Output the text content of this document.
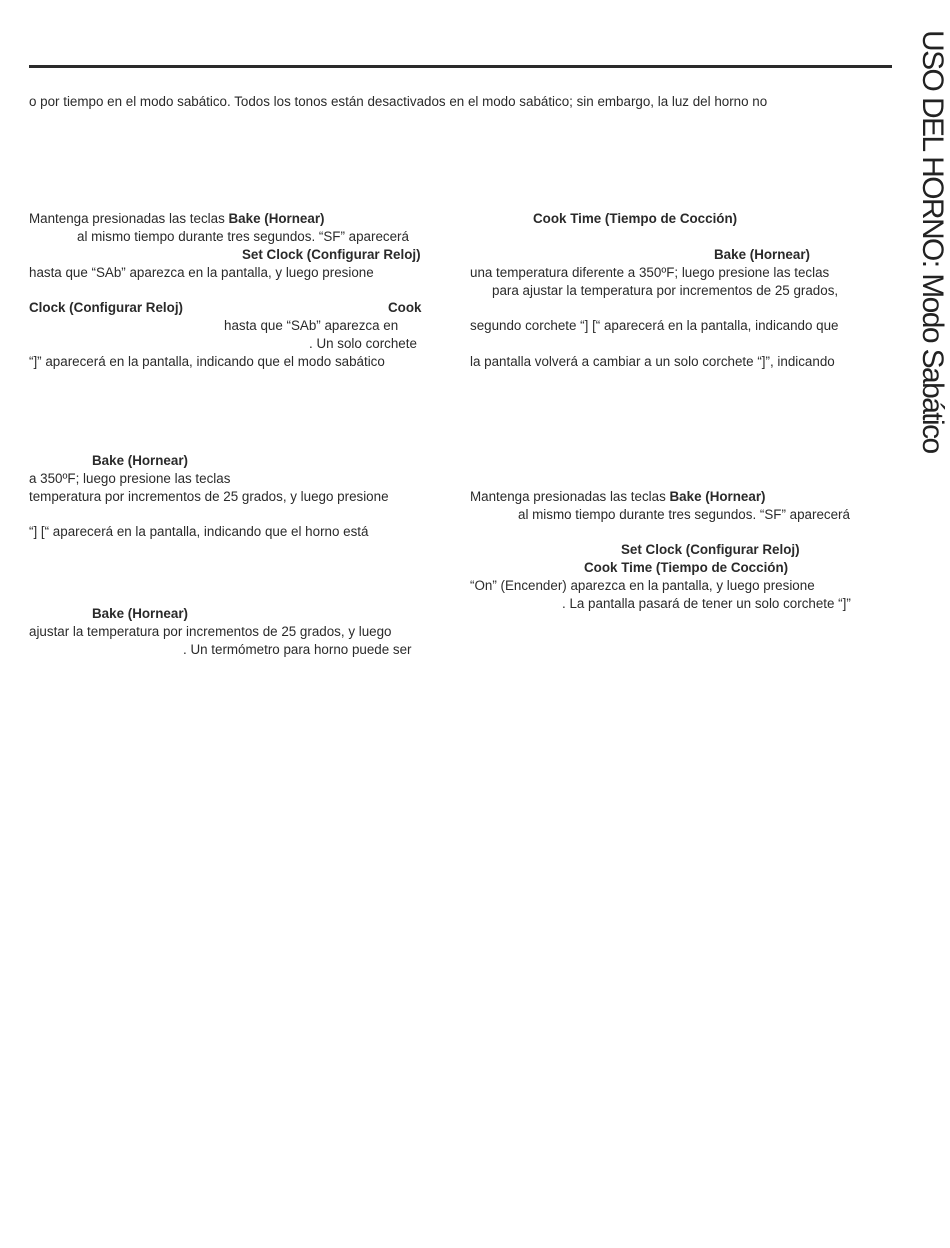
USO DEL HORNO: Modo Sabático
o por tiempo en el modo sabático. Todos los tonos están desactivados en el modo sabático; sin embargo, la luz del horno no
Mantenga presionadas las teclas Bake (Hornear)
al mismo tiempo durante tres segundos. “SF” aparecerá
Set Clock (Configurar Reloj)
hasta que “SAb” aparezca en la pantalla, y luego presione
Clock (Configurar Reloj)	Cook
hasta que “SAb” aparezca en
. Un solo corchete
“]” aparecerá en la pantalla, indicando que el modo sabático
Bake (Hornear)
a 350ºF; luego presione las teclas
temperatura por incrementos de 25 grados, y luego presione
“] [“ aparecerá en la pantalla, indicando que el horno está
Bake (Hornear)
ajustar la temperatura por incrementos de 25 grados, y luego
. Un termómetro para horno puede ser
Cook Time (Tiempo de Cocción)
Bake (Hornear)
una temperatura diferente a 350ºF; luego presione las teclas
para ajustar la temperatura por incrementos de 25 grados,
segundo corchete “] [“ aparecerá en la pantalla, indicando que
la pantalla volverá a cambiar a un solo corchete “]”, indicando
Mantenga presionadas las teclas Bake (Hornear)
al mismo tiempo durante tres segundos. “SF” aparecerá
Set Clock (Configurar Reloj)
Cook Time (Tiempo de Cocción)
“On” (Encender) aparezca en la pantalla, y luego presione
. La pantalla pasará de tener un solo corchete “]”
